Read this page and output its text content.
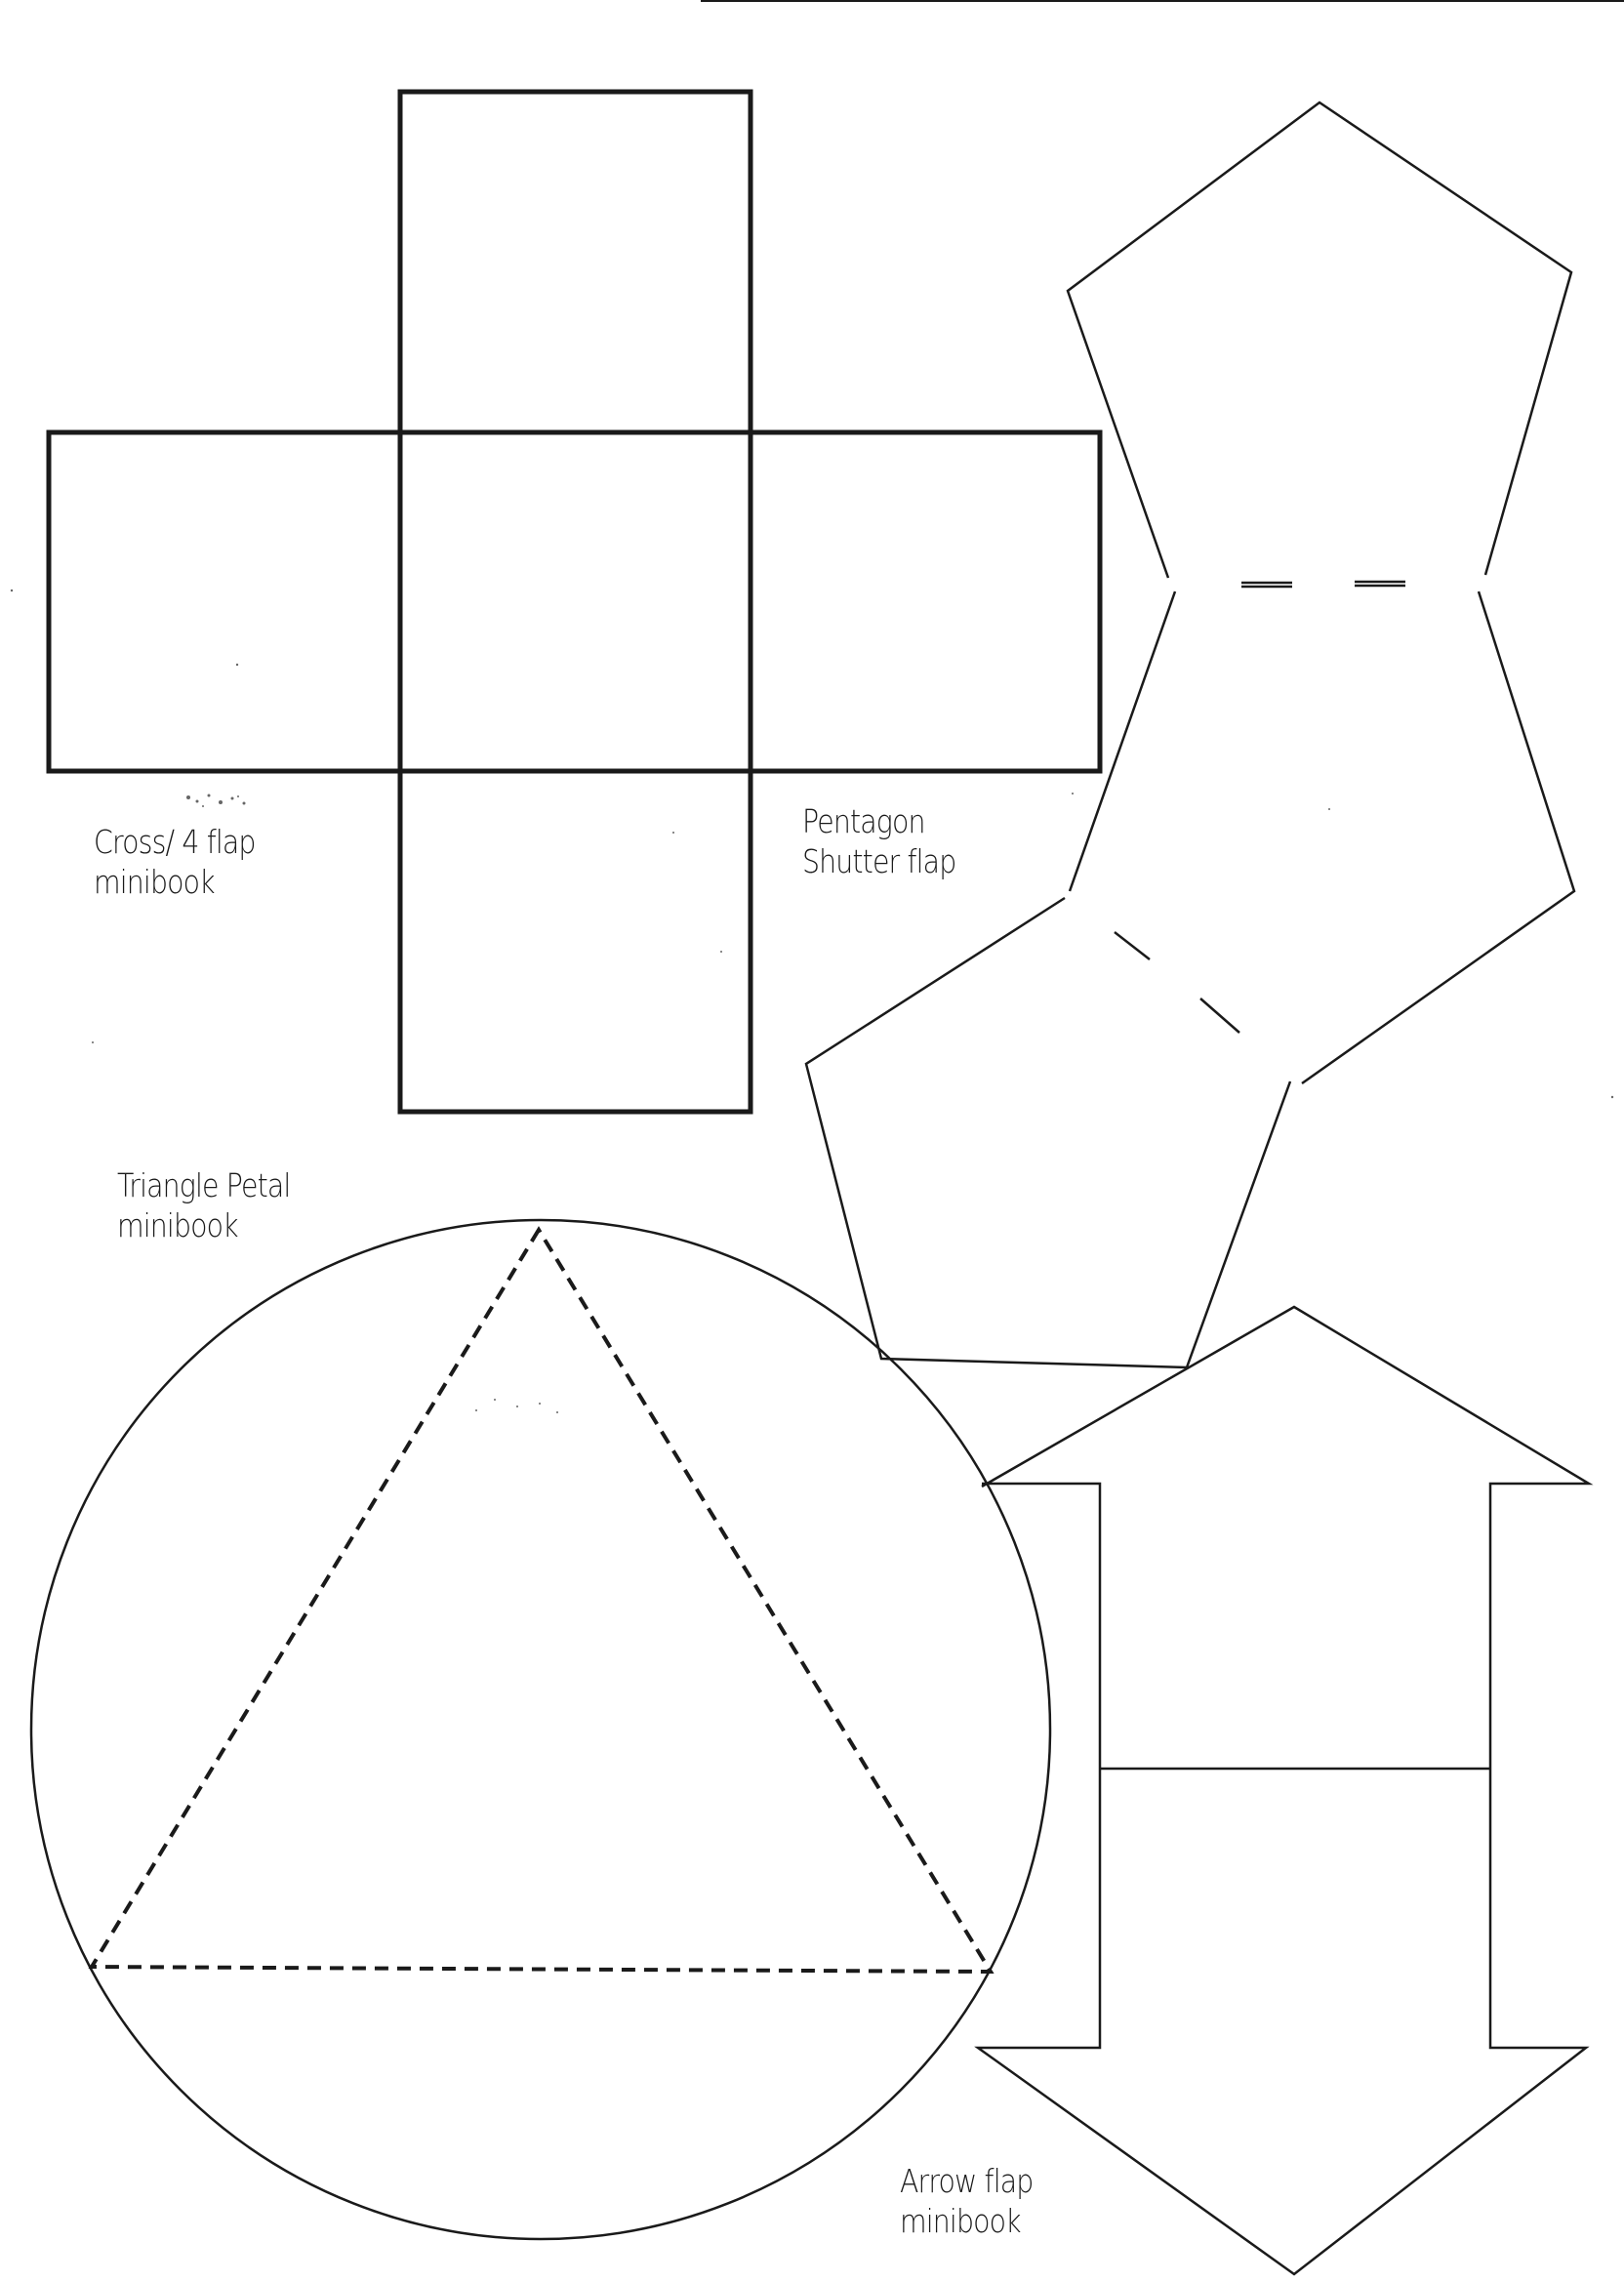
Cross/ 4 flap
minibook
Pentagon
Shutter flap
Triangle Petal
minibook
Arrow flap
minibook
